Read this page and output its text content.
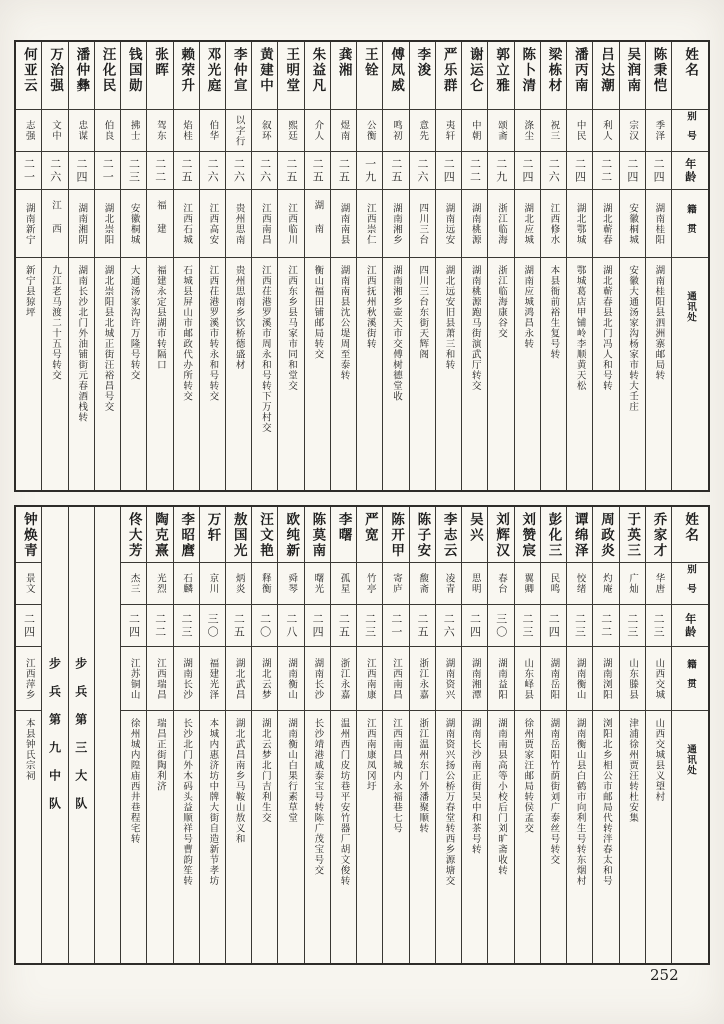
姓名
别号
年龄
籍贯
通讯处
陈秉恺
季泽
二四
湖南桂阳
湖南桂阳县泗洲寨邮局转
吴润南
宗汉
二四
安徽桐城
安徽大通汤家沟杨家市转大壬庄
吕达潮
利人
二二
湖北蕲春
湖北蕲春县北门冯人和号转
潘丙南
中民
二四
湖北鄂城
鄂城葛店甲铺岭李顺黄天松
梁栋材
祝三
二六
江西修水
本县衙前裕生复号转
陈卜清
涤尘
二四
湖北应城
湖南应城鸿昌永转
郭立雅
颂斋
二九
浙江临海
浙江临海康谷交
谢运仑
中朝
二二
湖南桃源
湖南桃源跑马街演武厅转交
严乐群
夷轩
二四
湖南远安
湖北远安旧县萧三和转
李浚
意先
二六
四川三台
四川三台东街天辉阁
傅凤威
鸣初
二五
湖南湘乡
湖南湘乡壶天市交傅树德堂收
王铨
公衡
一九
江西崇仁
江西抚州秋溪街转
龚湘
煜南
二五
湖南南县
湖南南县沈公堤周至泰转
朱益凡
介人
二五
湖南
衡山福田铺邮局转交
王明堂
熙廷
二五
江西临川
江西东乡县马家市同和堂交
黄建中
叙环
二六
江西南昌
江西茌港罗溪市周永和号转下万村交
李仲宣
以字行
二六
贵州思南
贵州思南乡饮桥德盛材
邓光庭
伯华
二六
江西高安
江西茌港罗溪市转永和号转交
赖荣升
焰桂
二五
江西石城
石城县屏山市邮政代办所转交
张晖
驾东
二二
福建
福建永定县湖市转隔口
钱国勋
拂士
二三
安徽桐城
大通汤家沟许万隆号转交
汪化民
伯良
二一
湖北崇阳
湖北崇阳县北城正街汪裕昌号交
潘仲彝
忠谋
二四
湖南湘阴
湖南长沙北门外油铺街元春酒栈转
万治强
文中
二六
江西
九江老马渡二十五号转交
何亚云
志强
二一
湖南新宁
新宁县猄坪
姓名
别号
年龄
籍贯
通讯处
乔家才
华唐
二三
山西交城
山西交城县义望村
于英三
广灿
二三
山东滕县
津浦徐州贾汪转杜安集
周政炎
灼庵
二二
湖南浏阳
浏阳北乡相公市邮局代转泮春太和号
谭绵泽
恔绪
二三
湖南衡山
湖南衡山县白鹤市向利生号转东烟村
彭化三
民鸣
二四
湖南岳阳
湖南岳阳竹荫街刘广泰丝号转交
刘赞宸
翼卿
二三
山东峄县
徐州贾家汪邮局转侯孟交
刘辉汉
春台
三〇
湖南益阳
湖南南县高等小校后门刘旷斋收转
吴兴
思明
二四
湖南湘潭
湖南长沙南正街吴中和茶号转
李志云
凌青
二六
湖南资兴
湖南资兴扬公桥万春堂转西乡源塘交
陈子安
馥斋
二五
浙江永嘉
浙江温州东门外潘聚顺转
陈开甲
寄庐
二一
江西南昌
江西南昌城内永福巷七号
严宽
竹亭
二三
江西南康
江西南康凤冈圩
李曙
孤星
二五
浙江永嘉
温州西门皮坊巷平安竹器厂胡文俊转
陈莫南
曙光
二四
湖南长沙
长沙靖港咸泰宝号转陈广茂宝号交
欧纯新
舜琴
二八
湖南衡山
湖南衡山白果行素草堂
汪文艳
释衡
二〇
湖北云梦
湖北云梦北门吉利生交
敖国光
炳炎
二五
湖北武昌
湖北武昌南乡马鞍山敖义和
万轩
京川
三〇
福建光泽
本城内惠济坊中牌大街自造新节孝坊
李昭麿
石麟
二三
湖南长沙
长沙北门外木码头益顺祥号曹韵笙转
陶克熹
光烈
二二
江西瑞昌
瑞昌正街陶利济
佟大芳
杰三
二四
江苏铜山
徐州城内隍庙西井巷程宅转
步兵第三大队
步兵第九中队
钟焕青
景文
二四
江西萍乡
本县钟氏宗祠
252
